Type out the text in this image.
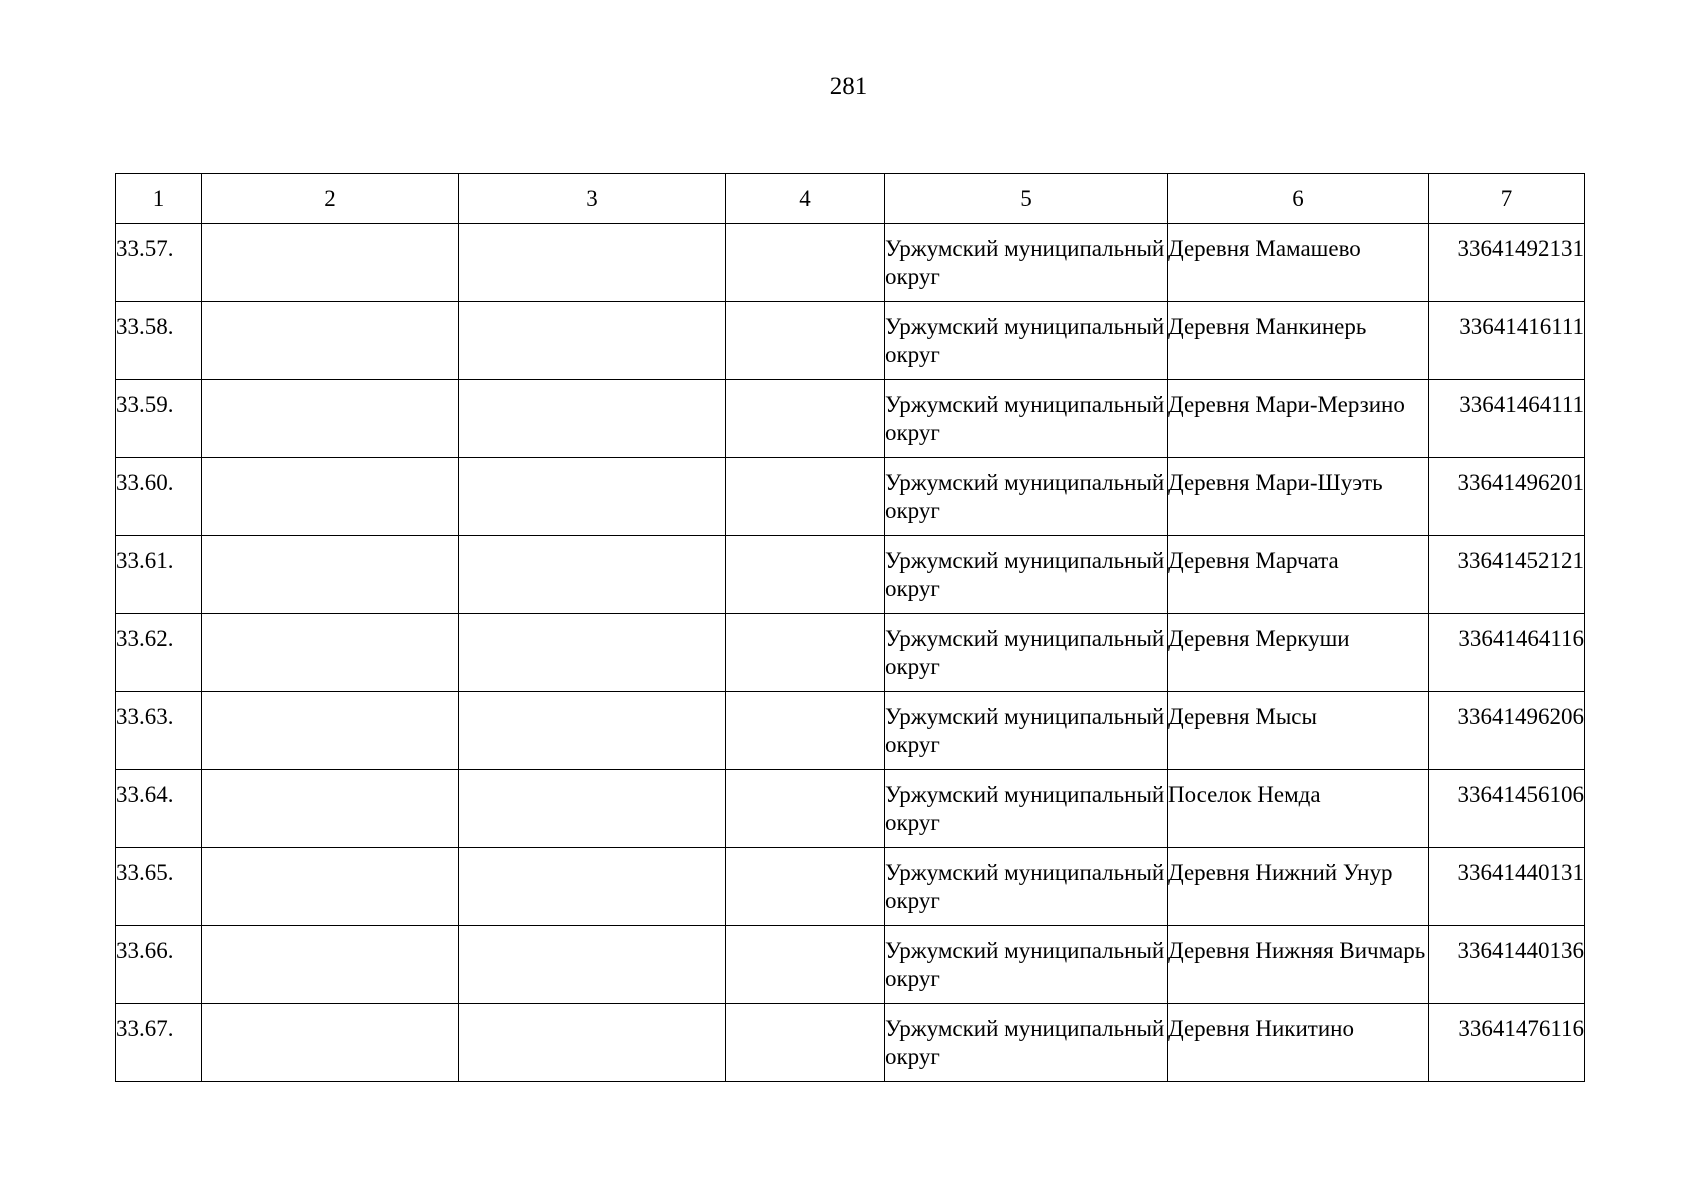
281
1	2	3	4	5	6	7
33.57.				Уржумский муниципальный округ	Деревня Мамашево	33641492131
33.58.				Уржумский муниципальный округ	Деревня Манкинерь	33641416111
33.59.				Уржумский муниципальный округ	Деревня Мари-Мерзино	33641464111
33.60.				Уржумский муниципальный округ	Деревня Мари-Шуэть	33641496201
33.61.				Уржумский муниципальный округ	Деревня Марчата	33641452121
33.62.				Уржумский муниципальный округ	Деревня Меркуши	33641464116
33.63.				Уржумский муниципальный округ	Деревня Мысы	33641496206
33.64.				Уржумский муниципальный округ	Поселок Немда	33641456106
33.65.				Уржумский муниципальный округ	Деревня Нижний Унур	33641440131
33.66.				Уржумский муниципальный округ	Деревня Нижняя Вичмарь	33641440136
33.67.				Уржумский муниципальный округ	Деревня Никитино	33641476116
